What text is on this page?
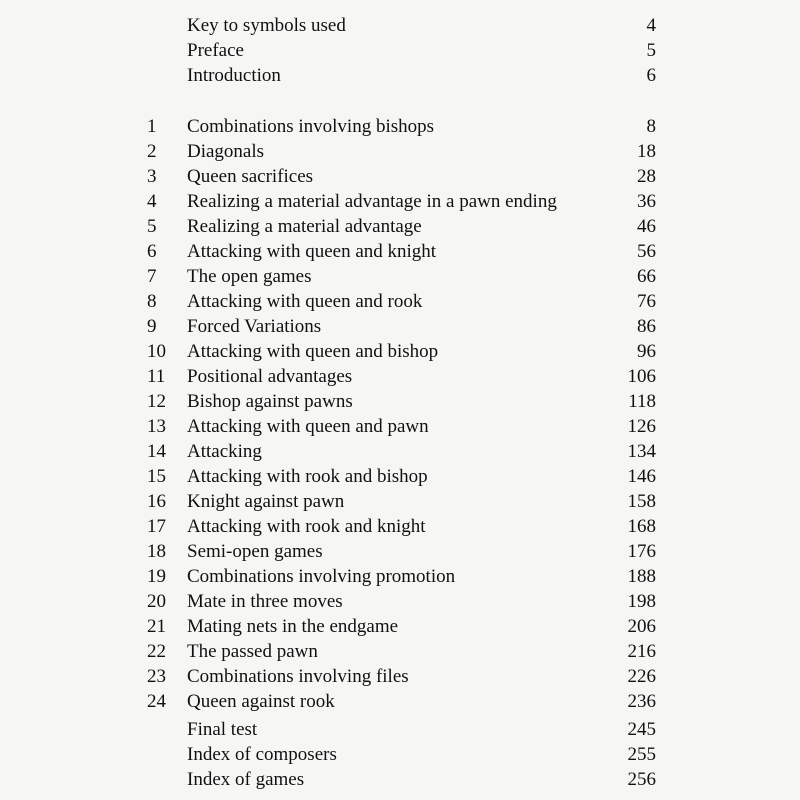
Key to symbols used	4
Preface	5
Introduction	6
1	Combinations involving bishops	8
2	Diagonals	18
3	Queen sacrifices	28
4	Realizing a material advantage in a pawn ending	36
5	Realizing a material advantage	46
6	Attacking with queen and knight	56
7	The open games	66
8	Attacking with queen and rook	76
9	Forced Variations	86
10	Attacking with queen and bishop	96
11	Positional advantages	106
12	Bishop against pawns	118
13	Attacking with queen and pawn	126
14	Attacking	134
15	Attacking with rook and bishop	146
16	Knight against pawn	158
17	Attacking with rook and knight	168
18	Semi-open games	176
19	Combinations involving promotion	188
20	Mate in three moves	198
21	Mating nets in the endgame	206
22	The passed pawn	216
23	Combinations involving files	226
24	Queen against rook	236
Final test	245
Index of composers	255
Index of games	256
